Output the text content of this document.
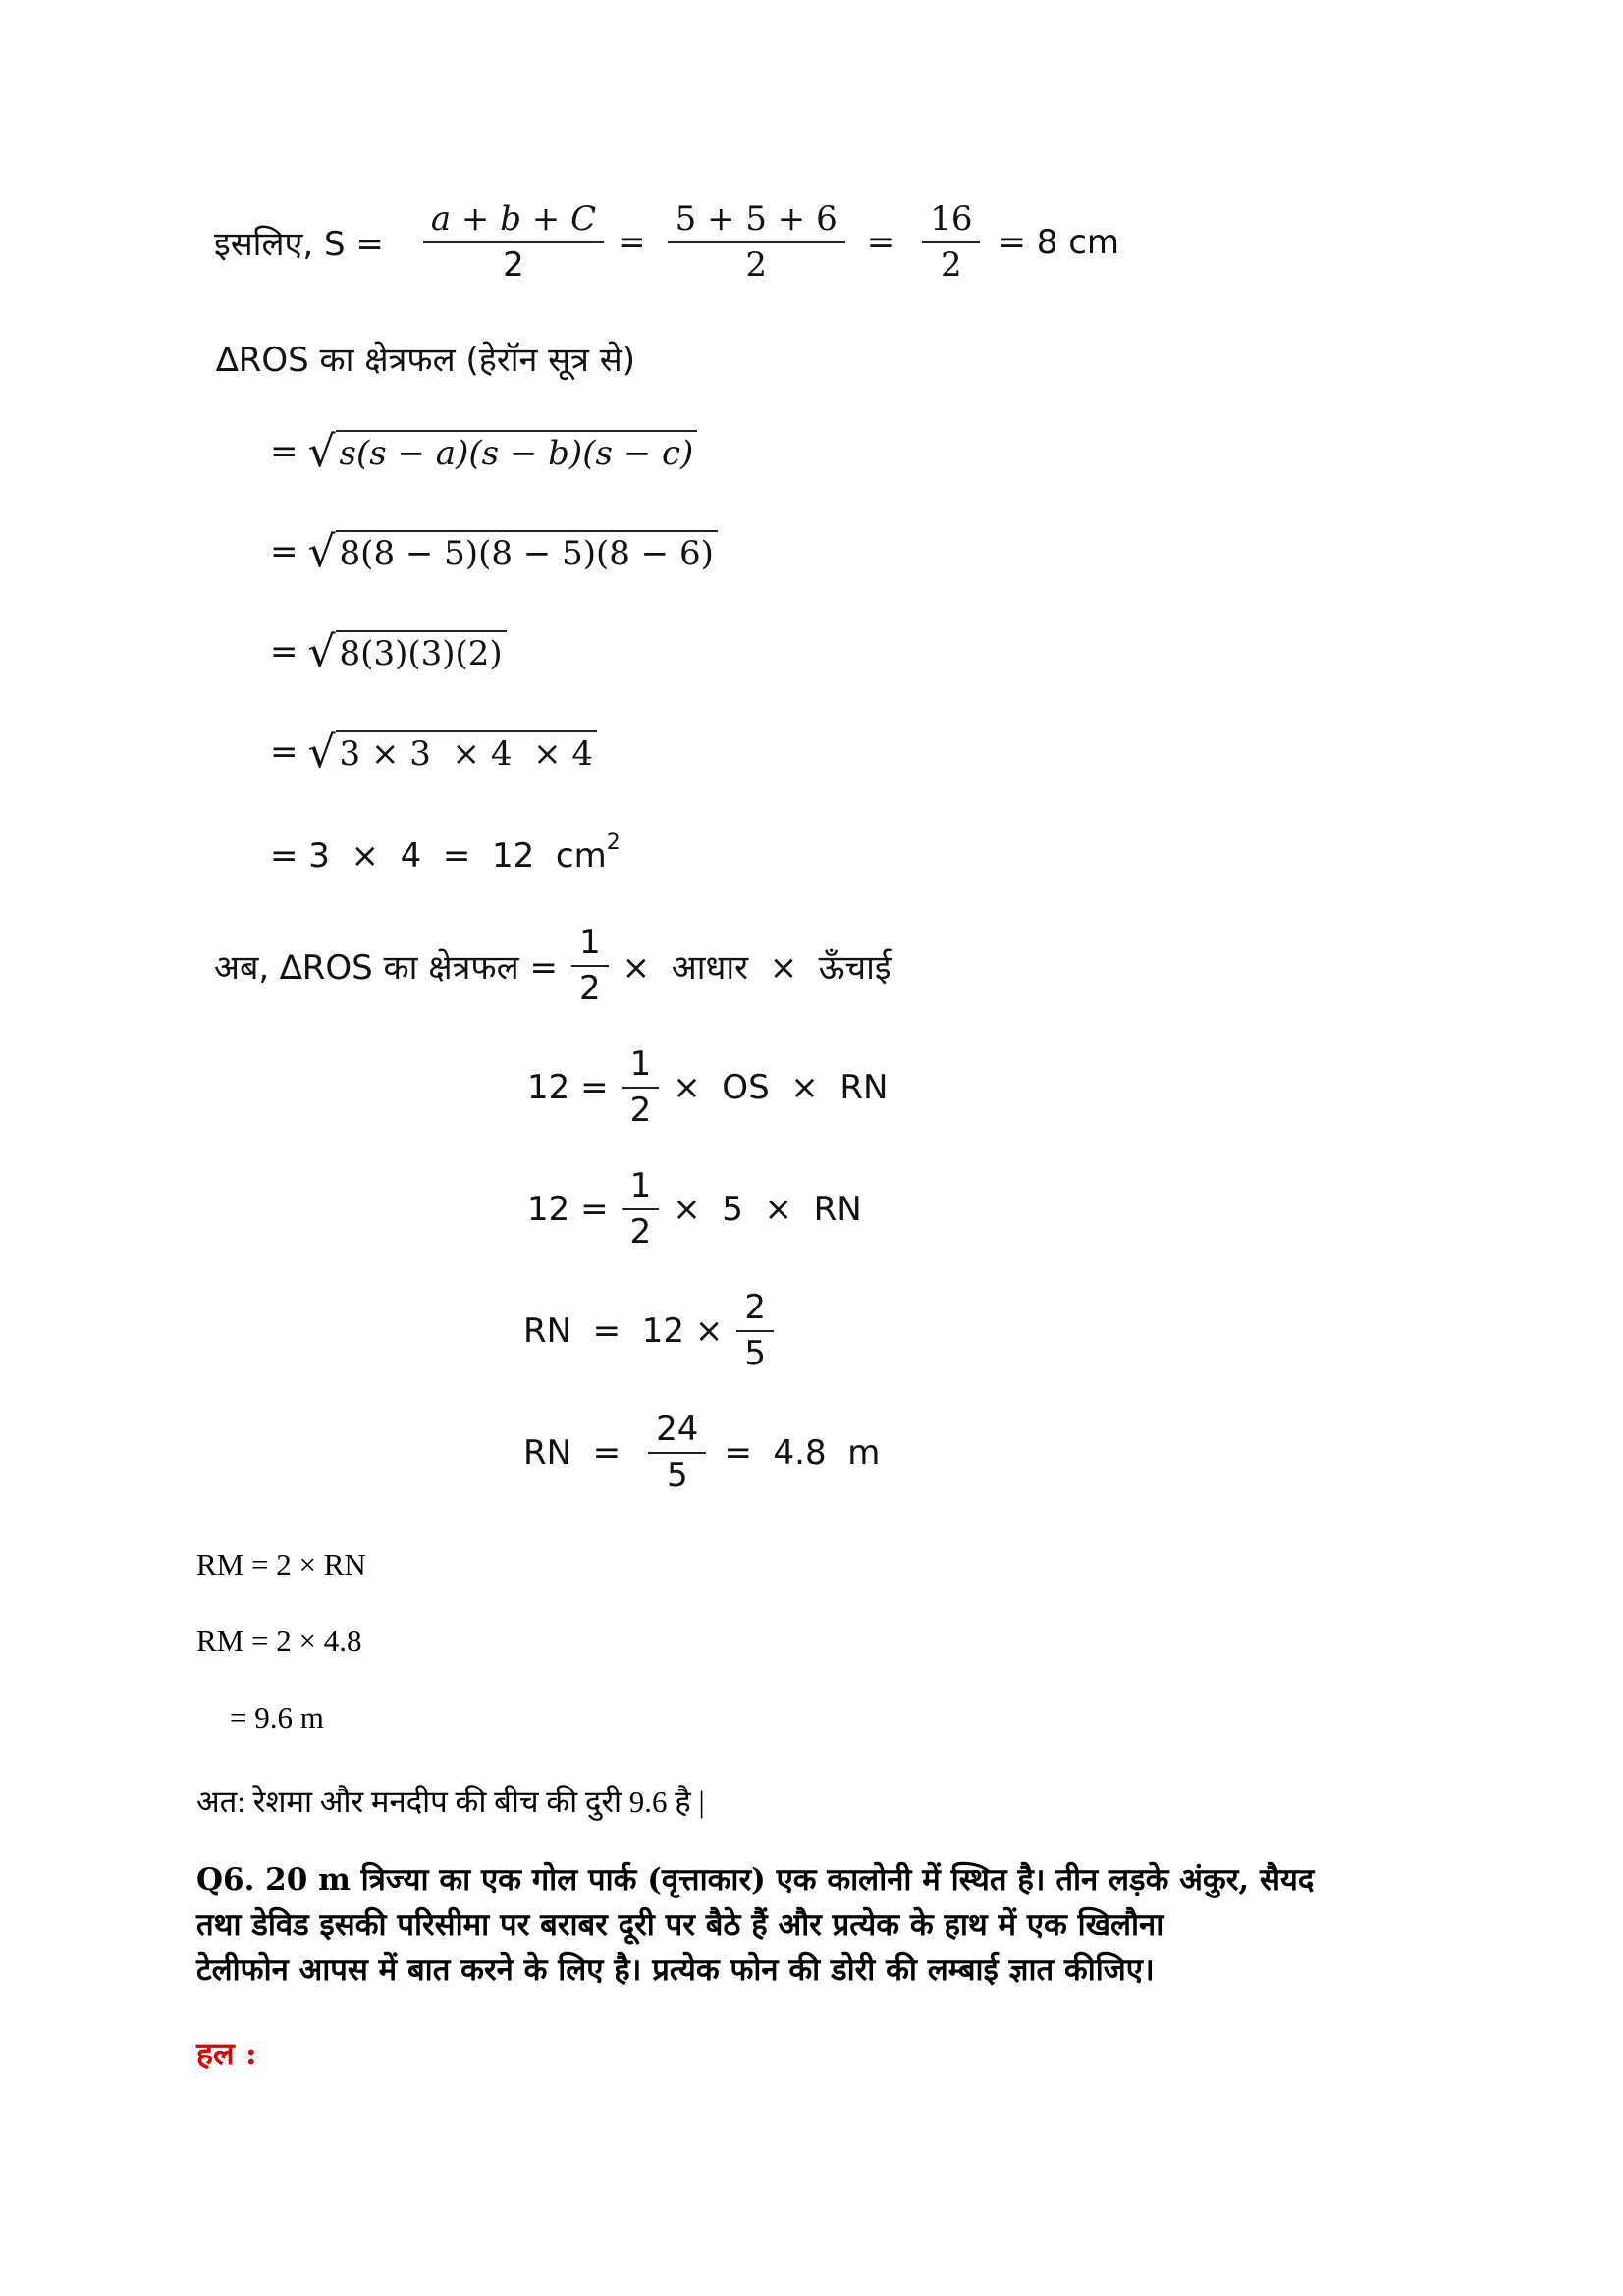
इसलिए, $S = \frac{a + b + C}{2} = \frac{5 + 5 + 6}{2} = \frac{16}{2} = 8$ cm
∆ROS का क्षेत्रफल (हेरॉन सूत्र से)
= √ s(s − a)(s − b)(s − c)
= √ 8(8 − 5)(8 − 5)(8 − 6)
= √ 8(3)(3)(2)
= √ 3 × 3  × 4  × 4
= 3  ×  4  =  12  cm 2
अब, ∆ROS का क्षेत्रफल = $\frac{1}{2}$ ×  आधार  ×  ऊँचाई
$12 = \frac{1}{2}$ ×  OS  ×  RN
$12 = \frac{1}{2} \times 5$  ×  RN
RN  =  $12 \times \frac{2}{5}$
RN  = $\frac{24}{5} = 4.8$  m
RM = 2 × RN
RM = 2 × 4.8
= 9.6 m
अत: रेशमा और मनदीप की बीच की दुरी 9.6 है |
Q6. 20 m त्रिज्या का एक गोल पार्क (वृत्ताकार) एक कालोनी में स्थित है। तीन लड़के अंकुर, सैयद
तथा डेविड इसकी परिसीमा पर बराबर दूरी पर बैठे हैं और प्रत्येक के हाथ में एक खिलौना
टेलीफोन आपस में बात करने के लिए है। प्रत्येक फोन की डोरी की लम्बाई ज्ञात कीजिए।
हल :
